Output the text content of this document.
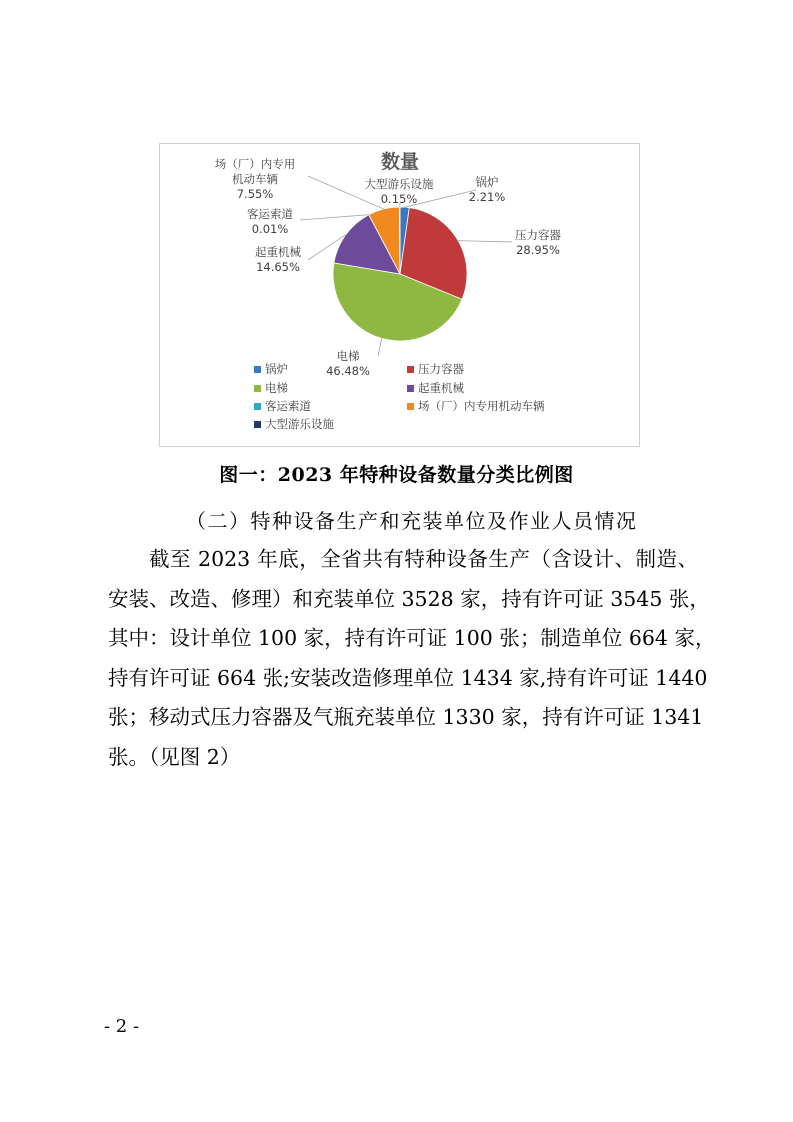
数量
锅炉
2.21%
压力容器
28.95%
电梯
46.48%
起重机械
14.65%
客运索道
0.01%
场（厂）内专用机动车辆
7.55%
大型游乐设施
0.15%
锅炉	压力容器
电梯	起重机械
客运索道	场（厂）内专用机动车辆
大型游乐设施
图一：2023 年特种设备数量分类比例图
（二）特种设备生产和充装单位及作业人员情况
截至 2023 年底，全省共有特种设备生产（含设计、制造、
安装、改造、修理）和充装单位 3528 家，持有许可证 3545 张，
其中：设计单位 100 家，持有许可证 100 张；制造单位 664 家，
持有许可证 664 张;安装改造修理单位 1434 家,持有许可证 1440
张；移动式压力容器及气瓶充装单位 1330 家，持有许可证 1341
张。（见图 2）
- 2 -
